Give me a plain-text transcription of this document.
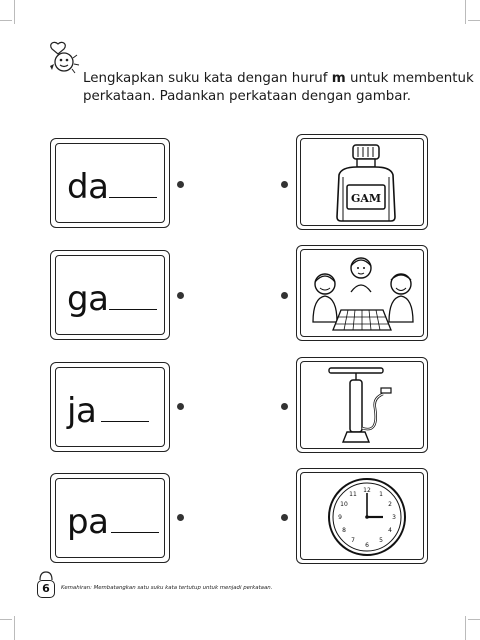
Lengkapkan suku kata dengan huruf m untuk membentuk
perkataan. Padankan perkataan dengan gambar.
da
ga
ja
pa
GAM
12
1
2
3
4
5
6
7
8
9
10
11
6	Kemahiran: Membatangkan satu suku kata tertutup untuk menjadi perkataan.
